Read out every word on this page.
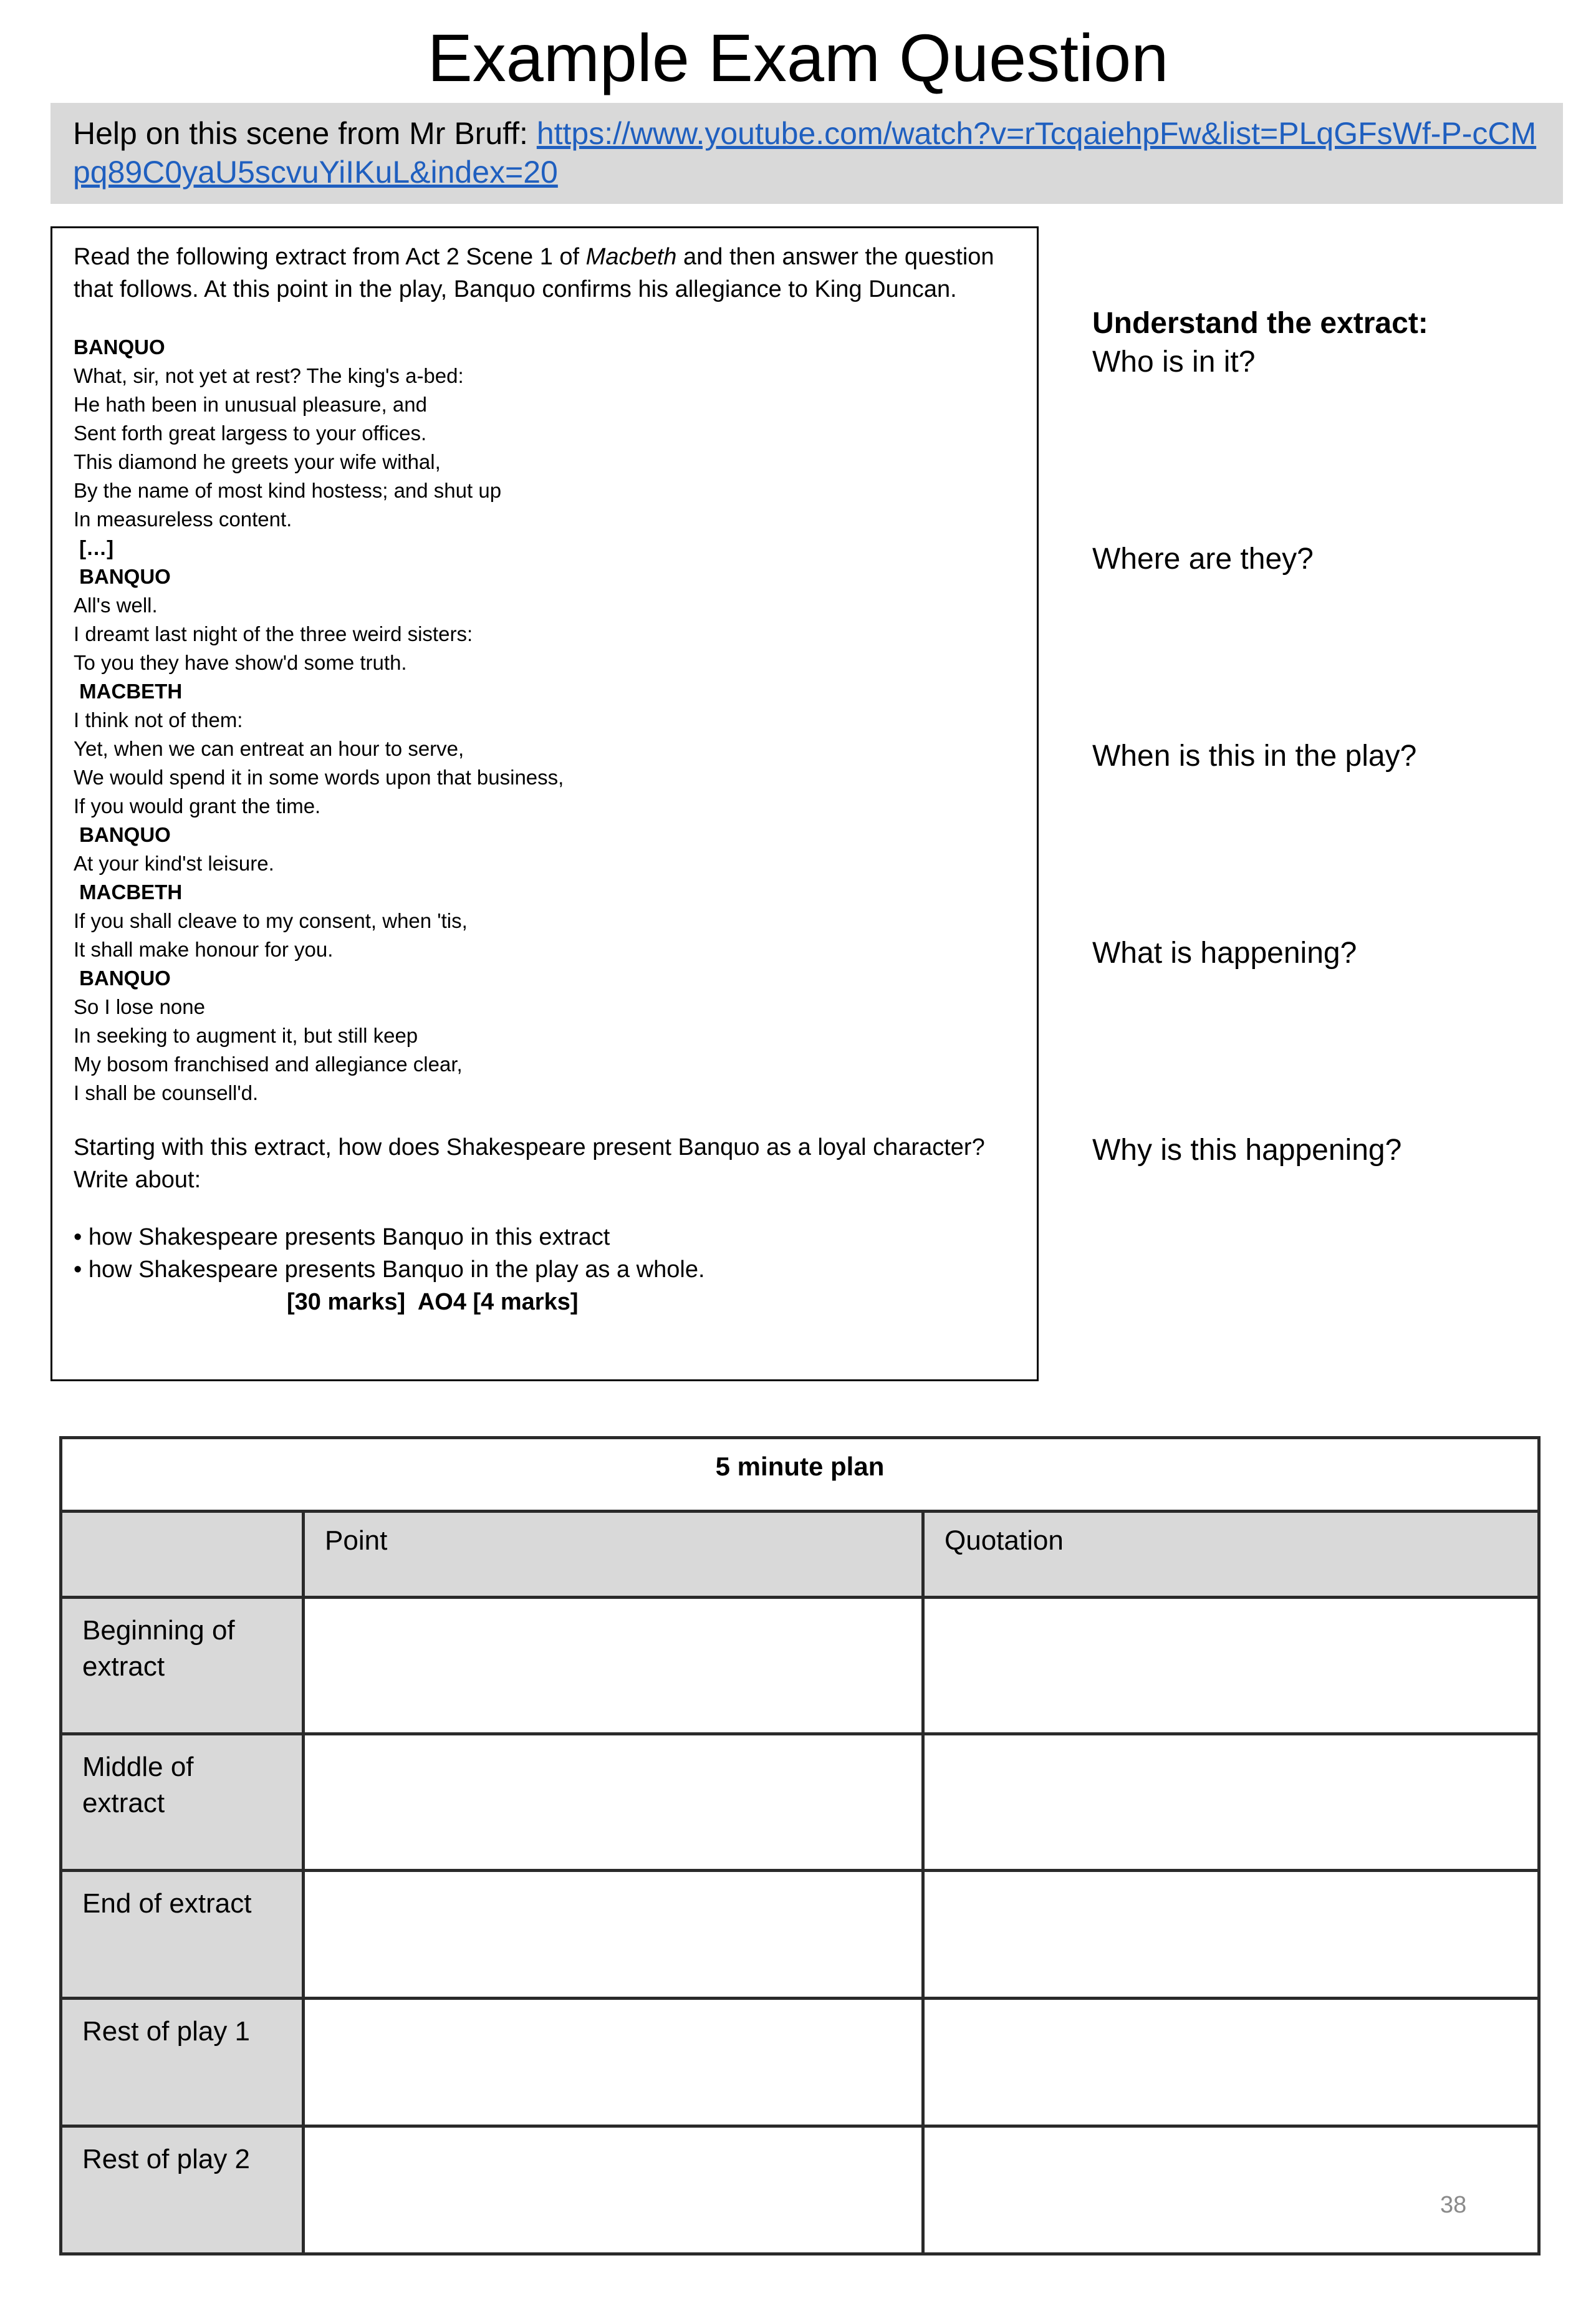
Example Exam Question
Help on this scene from Mr Bruff: https://www.youtube.com/watch?v=rTcqaiehpFw&list=PLqGFsWf-P-cCMpq89C0yaU5scvuYiIKuL&index=20

Read the following extract from Act 2 Scene 1 of Macbeth and then answer the question that follows. At this point in the play, Banquo confirms his allegiance to King Duncan.

BANQUO
What, sir, not yet at rest? The king's a-bed:
He hath been in unusual pleasure, and
Sent forth great largess to your offices.
This diamond he greets your wife withal,
By the name of most kind hostess; and shut up
In measureless content.
[…]
BANQUO
All's well.
I dreamt last night of the three weird sisters:
To you they have show'd some truth.
MACBETH
I think not of them:
Yet, when we can entreat an hour to serve,
We would spend it in some words upon that business,
If you would grant the time.
BANQUO
At your kind'st leisure.
MACBETH
If you shall cleave to my consent, when 'tis,
It shall make honour for you.
BANQUO
So I lose none
In seeking to augment it, but still keep
My bosom franchised and allegiance clear,
I shall be counsell'd.
Starting with this extract, how does Shakespeare present Banquo as a loyal character? Write about:
• how Shakespeare presents Banquo in this extract
• how Shakespeare presents Banquo in the play as a whole.
[30 marks]  AO4 [4 marks]
Understand the extract:
Who is in it?
Where are they?
When is this in the play?
What is happening?
Why is this happening?
5 minute plan		
	Point	Quotation
Beginning of extract		
Middle of extract		
End of extract		
Rest of play 1		
Rest of play 2		
38
